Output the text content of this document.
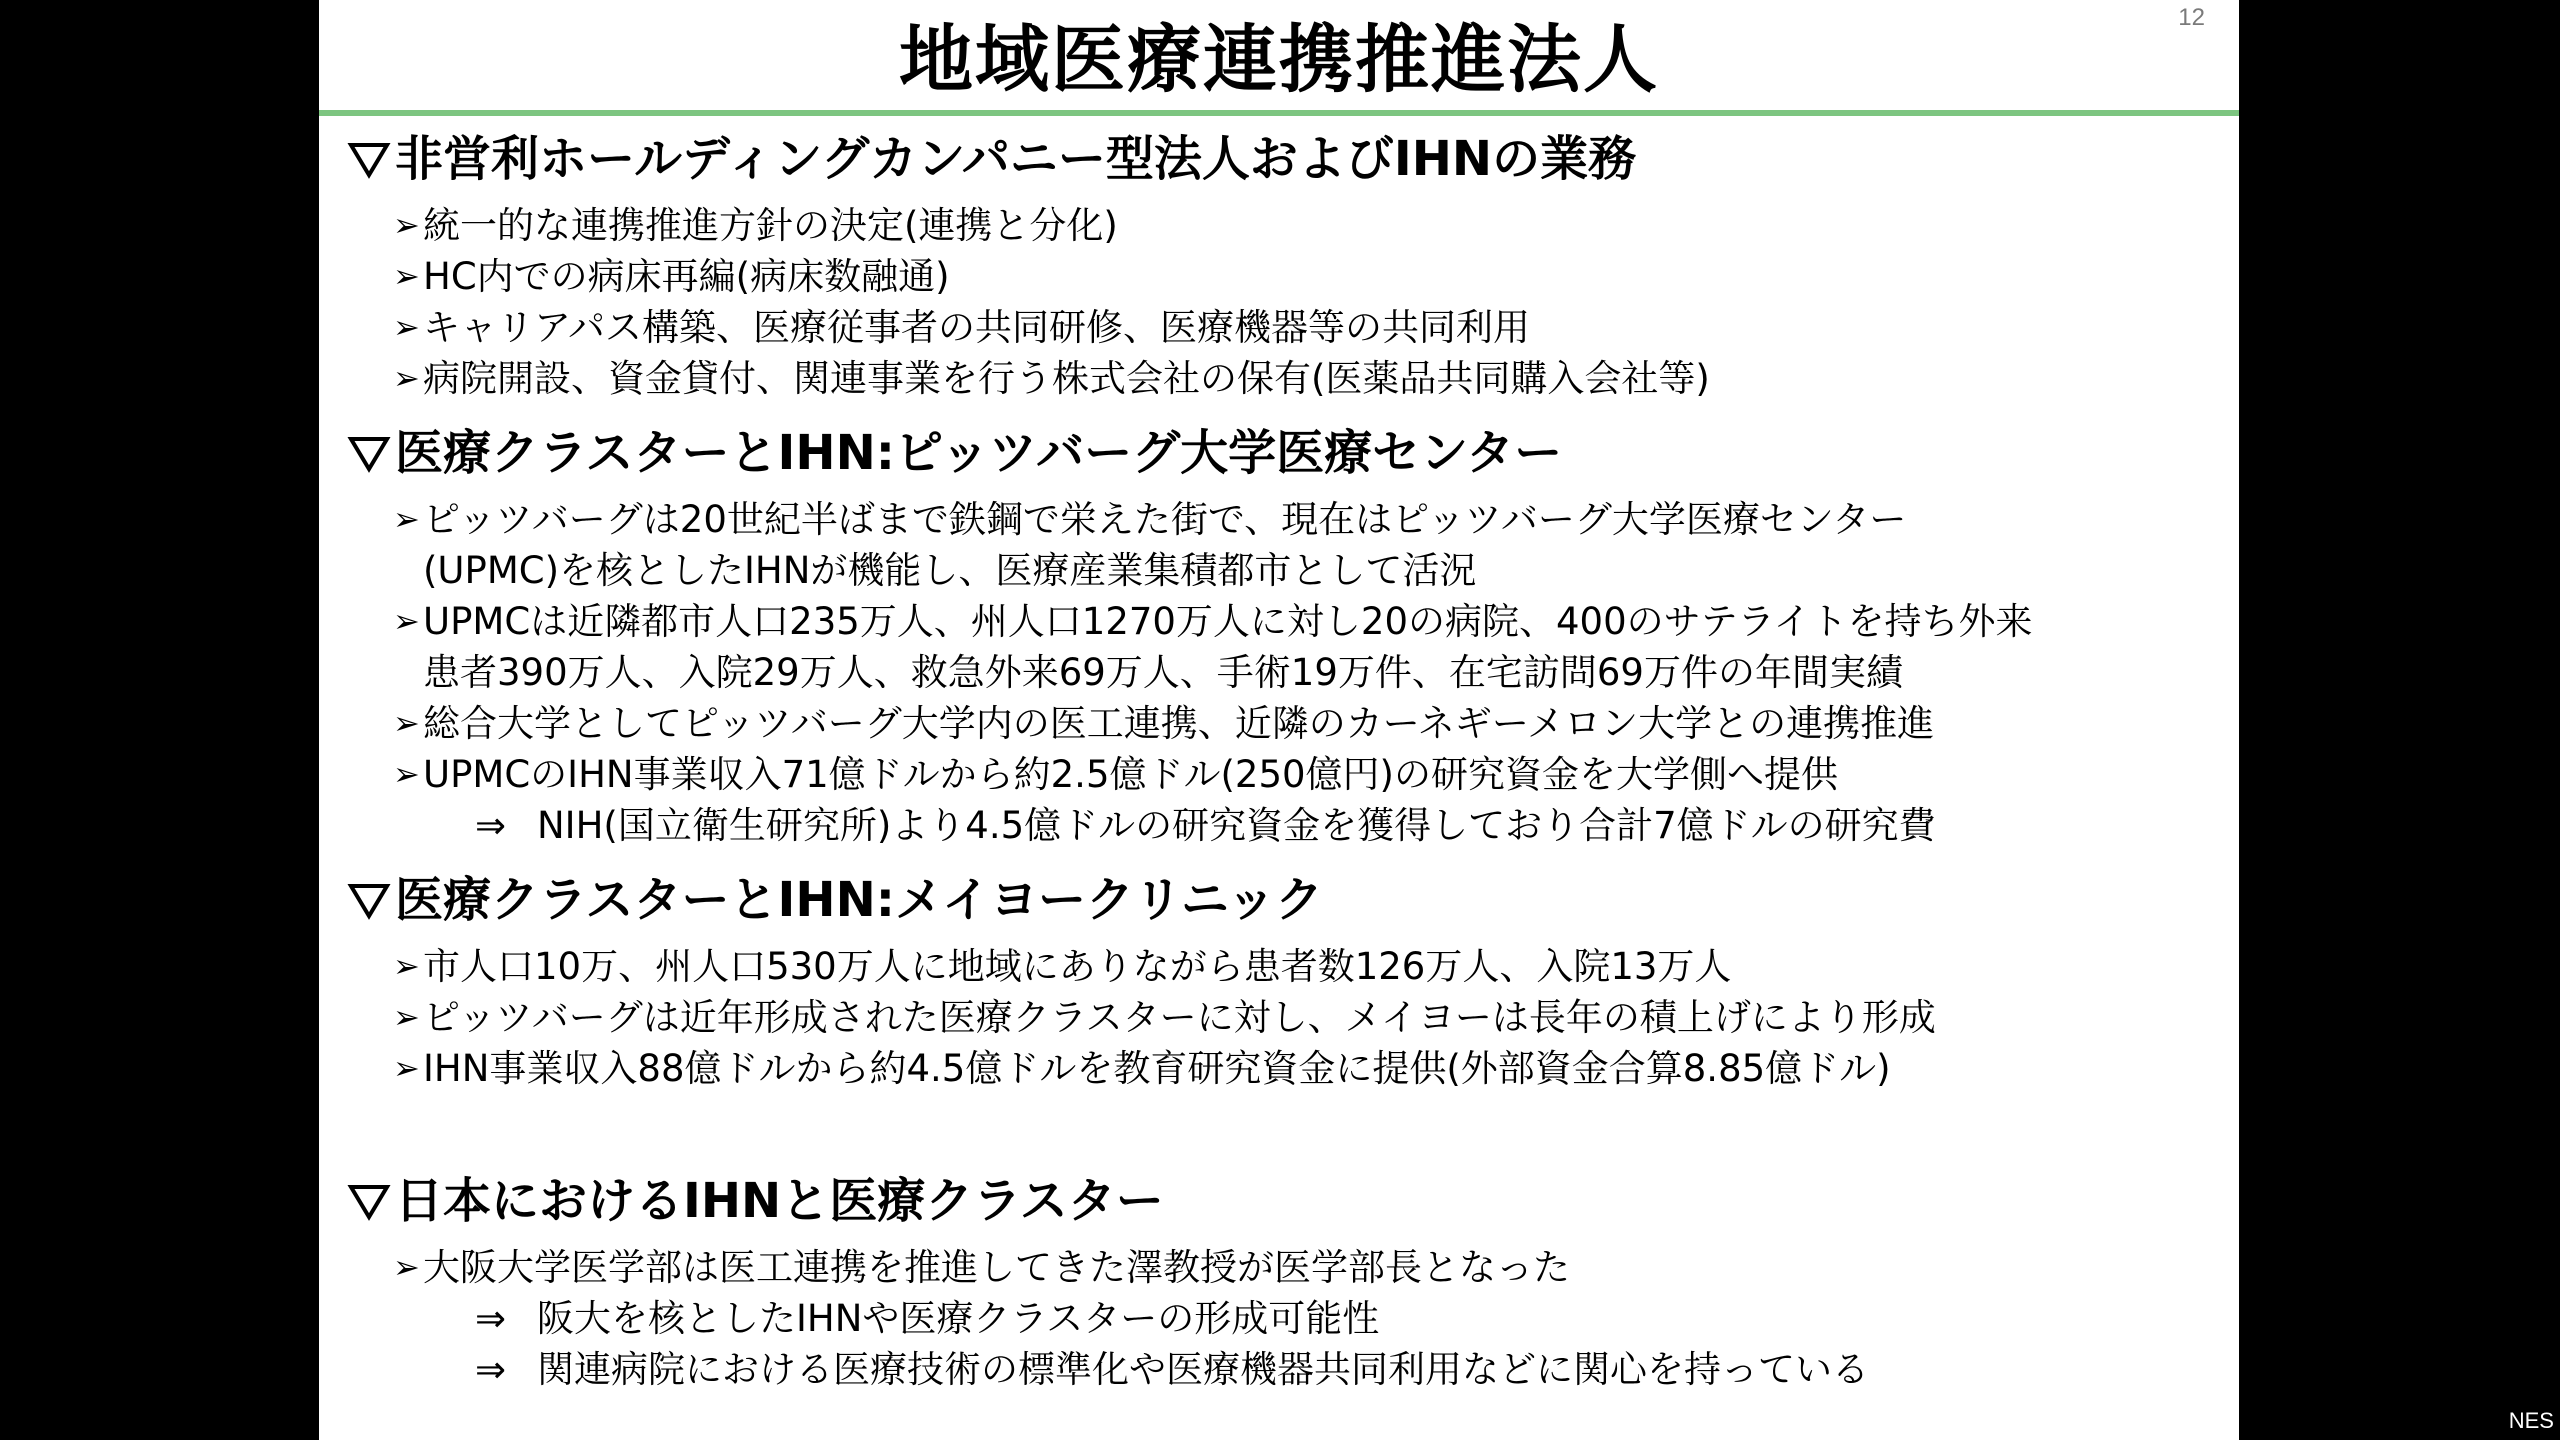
12
地域医療連携推進法人
非営利ホールディングカンパニー型法人およびIHNの業務
➢ 統一的な連携推進方針の決定(連携と分化)
➢ HC内での病床再編(病床数融通)
➢ キャリアパス構築、医療従事者の共同研修、医療機器等の共同利用
➢ 病院開設、資金貸付、関連事業を行う株式会社の保有(医薬品共同購入会社等)
医療クラスターとIHN:ピッツバーグ大学医療センター
➢ ピッツバーグは20世紀半ばまで鉄鋼で栄えた街で、現在はピッツバーグ大学医療センター
(UPMC)を核としたIHNが機能し、医療産業集積都市として活況
➢ UPMCは近隣都市人口235万人、州人口1270万人に対し20の病院、400のサテライトを持ち外来
患者390万人、入院29万人、救急外来69万人、手術19万件、在宅訪問69万件の年間実績
➢ 総合大学としてピッツバーグ大学内の医工連携、近隣のカーネギーメロン大学との連携推進
➢ UPMCのIHN事業収入71億ドルから約2.5億ドル(250億円)の研究資金を大学側へ提供
⇒ NIH(国立衛生研究所)より4.5億ドルの研究資金を獲得しており合計7億ドルの研究費
医療クラスターとIHN:メイヨークリニック
➢ 市人口10万、州人口530万人に地域にありながら患者数126万人、入院13万人
➢ ピッツバーグは近年形成された医療クラスターに対し、メイヨーは長年の積上げにより形成
➢ IHN事業収入88億ドルから約4.5億ドルを教育研究資金に提供(外部資金合算8.85億ドル)
日本におけるIHNと医療クラスター
➢ 大阪大学医学部は医工連携を推進してきた澤教授が医学部長となった
⇒ 阪大を核としたIHNや医療クラスターの形成可能性
⇒ 関連病院における医療技術の標準化や医療機器共同利用などに関心を持っている
NES
